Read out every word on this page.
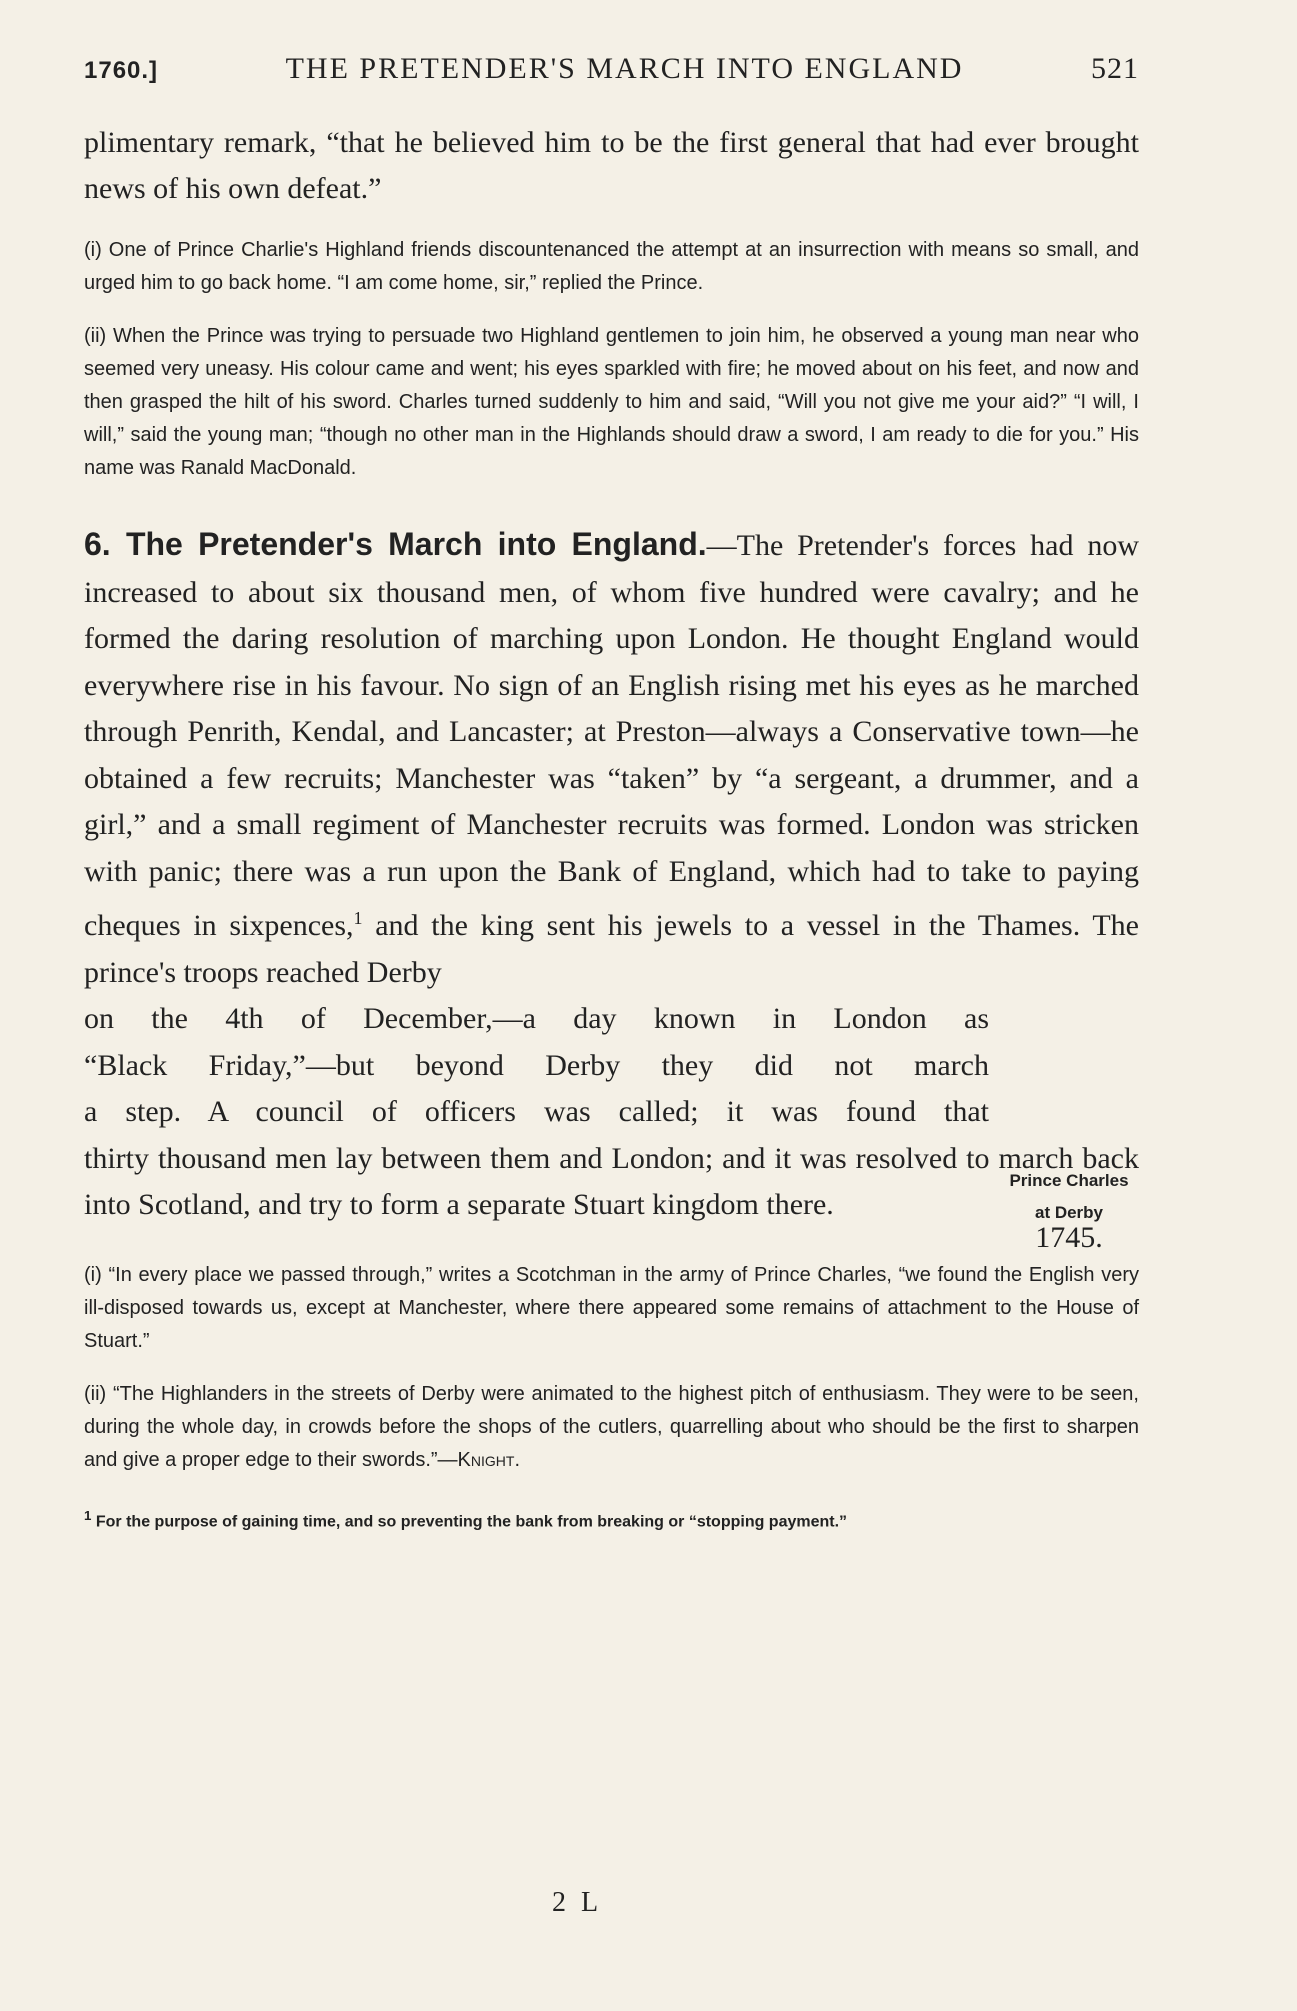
1760.]	THE PRETENDER'S MARCH INTO ENGLAND	521

plimentary remark, “that he believed him to be the first general that had ever brought news of his own defeat.”

(i) One of Prince Charlie's Highland friends discountenanced the attempt at an insurrection with means so small, and urged him to go back home. “I am come home, sir,” replied the Prince.

(ii) When the Prince was trying to persuade two Highland gentlemen to join him, he observed a young man near who seemed very uneasy. His colour came and went; his eyes sparkled with fire; he moved about on his feet, and now and then grasped the hilt of his sword. Charles turned suddenly to him and said, “Will you not give me your aid?” “I will, I will,” said the young man; “though no other man in the Highlands should draw a sword, I am ready to die for you.” His name was Ranald MacDonald.

6. The Pretender's March into England.—The Pretender's forces had now increased to about six thousand men, of whom five hundred were cavalry; and he formed the daring resolution of marching upon London. He thought England would everywhere rise in his favour. No sign of an English rising met his eyes as he marched through Penrith, Kendal, and Lancaster; at Preston—always a Conservative town—he obtained a few recruits; Manchester was “taken” by “a sergeant, a drummer, and a girl,” and a small regiment of Manchester recruits was formed. London was stricken with panic; there was a run upon the Bank of England, which had to take to paying cheques in sixpences,$^1$ and the king sent his jewels to a vessel in the Thames. The prince's troops reached Derby

on the 4th of December,—a day known in London as
“Black Friday,”—but beyond Derby they did not march
a step. A council of officers was called; it was found that

thirty thousand men lay between them and London; and it was resolved to march back into Scotland, and try to form a separate Stuart kingdom there.

Prince Charles
at Derby
1745.

(i) “In every place we passed through,” writes a Scotchman in the army of Prince Charles, “we found the English very ill-disposed towards us, except at Manchester, where there appeared some remains of attachment to the House of Stuart.”

(ii) “The Highlanders in the streets of Derby were animated to the highest pitch of enthusiasm. They were to be seen, during the whole day, in crowds before the shops of the cutlers, quarrelling about who should be the first to sharpen and give a proper edge to their swords.”—Knight.

$^1$ For the purpose of gaining time, and so preventing the bank from breaking or “stopping payment.”
2 L
